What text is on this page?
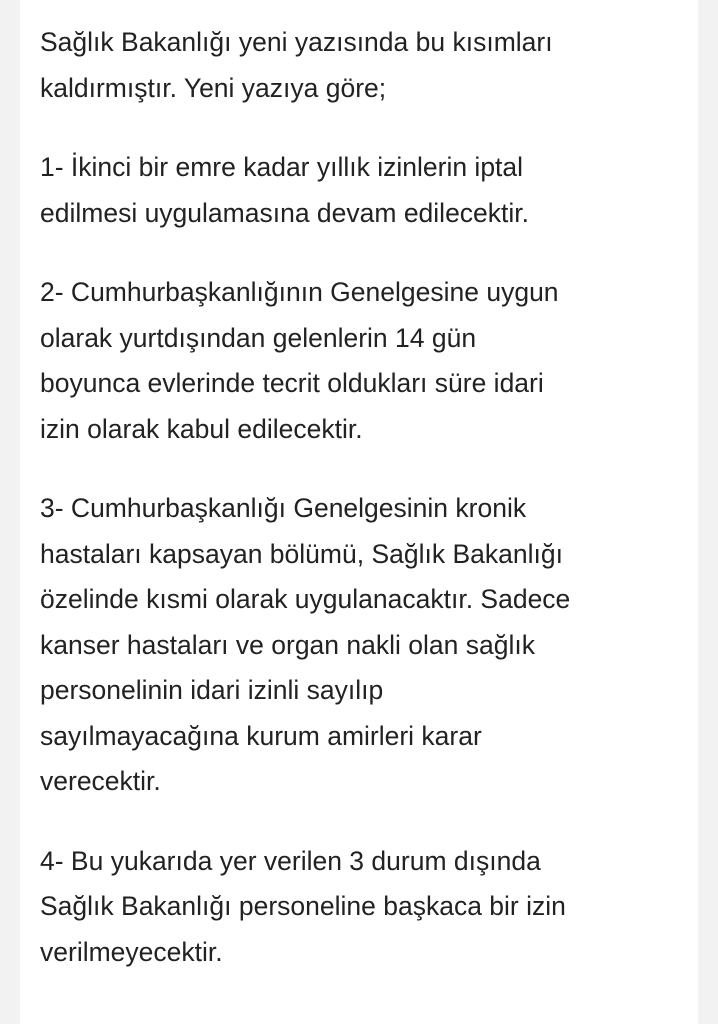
Sağlık Bakanlığı yeni yazısında bu kısımları
kaldırmıştır. Yeni yazıya göre;

1- İkinci bir emre kadar yıllık izinlerin iptal
edilmesi uygulamasına devam edilecektir.

2- Cumhurbaşkanlığının Genelgesine uygun
olarak yurtdışından gelenlerin 14 gün
boyunca evlerinde tecrit oldukları süre idari
izin olarak kabul edilecektir.

3- Cumhurbaşkanlığı Genelgesinin kronik
hastaları kapsayan bölümü, Sağlık Bakanlığı
özelinde kısmi olarak uygulanacaktır. Sadece
kanser hastaları ve organ nakli olan sağlık
personelinin idari izinli sayılıp
sayılmayacağına kurum amirleri karar
verecektir.

4- Bu yukarıda yer verilen 3 durum dışında
Sağlık Bakanlığı personeline başkaca bir izin
verilmeyecektir.
